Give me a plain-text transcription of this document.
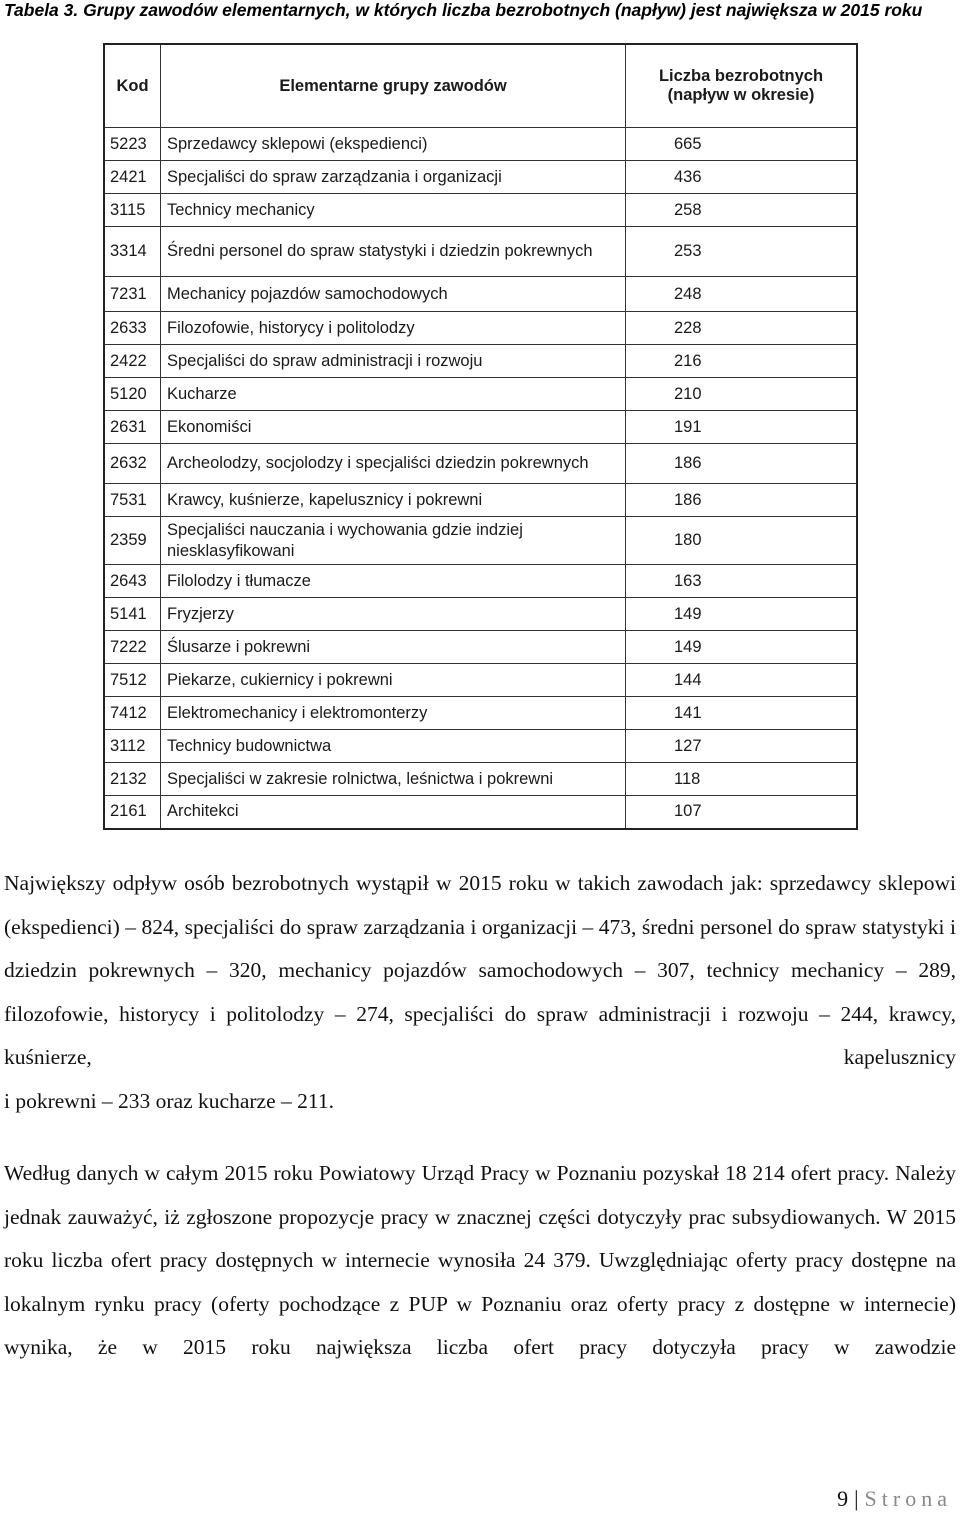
Tabela 3. Grupy zawodów elementarnych, w których liczba bezrobotnych (napływ) jest największa w 2015 roku
Kod	Elementarne grupy zawodów	Liczba bezrobotnych (napływ w okresie)
5223	Sprzedawcy sklepowi (ekspedienci)	665
2421	Specjaliści do spraw zarządzania i organizacji	436
3115	Technicy mechanicy	258
3314	Średni personel do spraw statystyki i dziedzin pokrewnych	253
7231	Mechanicy pojazdów samochodowych	248
2633	Filozofowie, historycy i politolodzy	228
2422	Specjaliści do spraw administracji i rozwoju	216
5120	Kucharze	210
2631	Ekonomiści	191
2632	Archeolodzy, socjolodzy i specjaliści dziedzin pokrewnych	186
7531	Krawcy, kuśnierze, kapelusznicy i pokrewni	186
2359	Specjaliści nauczania i wychowania gdzie indziej niesklasyfikowani	180
2643	Filolodzy i tłumacze	163
5141	Fryzjerzy	149
7222	Ślusarze i pokrewni	149
7512	Piekarze, cukiernicy i pokrewni	144
7412	Elektromechanicy i elektromonterzy	141
3112	Technicy budownictwa	127
2132	Specjaliści w zakresie rolnictwa, leśnictwa i pokrewni	118
2161	Architekci	107
Największy odpływ osób bezrobotnych wystąpił w 2015 roku w takich zawodach jak: sprzedawcy sklepowi (ekspedienci) – 824, specjaliści do spraw zarządzania i organizacji – 473, średni personel do spraw statystyki i dziedzin pokrewnych – 320, mechanicy pojazdów samochodowych – 307, technicy mechanicy – 289, filozofowie, historycy i politolodzy – 274, specjaliści do spraw administracji i rozwoju – 244, krawcy, kuśnierze, kapelusznicy
i pokrewni – 233 oraz kucharze – 211.
Według danych w całym 2015 roku Powiatowy Urząd Pracy w Poznaniu pozyskał 18 214 ofert pracy. Należy jednak zauważyć, iż zgłoszone propozycje pracy w znacznej części dotyczyły prac subsydiowanych. W 2015 roku liczba ofert pracy dostępnych w internecie wynosiła 24 379. Uwzględniając oferty pracy dostępne na lokalnym rynku pracy (oferty pochodzące z PUP w Poznaniu oraz oferty pracy z dostępne w internecie) wynika, że w 2015 roku największa liczba ofert pracy dotyczyła pracy w zawodzie
9 | Strona
